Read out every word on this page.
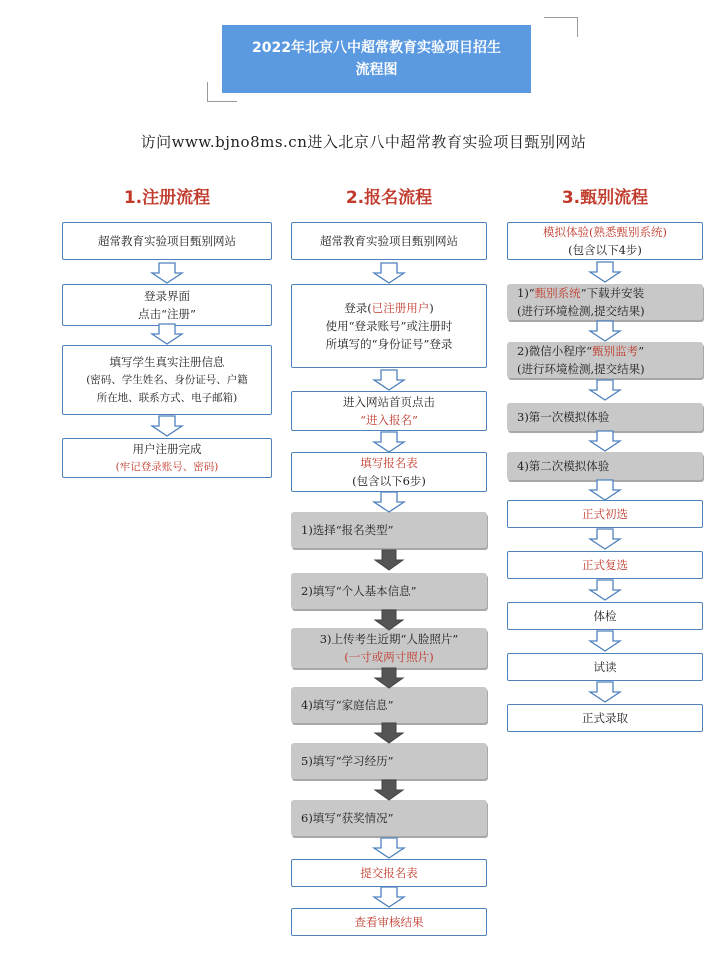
2022年北京八中超常教育实验项目招生
流程图
访问www.bjno8ms.cn进入北京八中超常教育实验项目甄别网站
1.注册流程
超常教育实验项目甄别网站
登录界面
点击“注册”
填写学生真实注册信息
(密码、学生姓名、身份证号、户籍
所在地、联系方式、电子邮箱)
用户注册完成
(牢记登录账号、密码)
2.报名流程
超常教育实验项目甄别网站
登录(已注册用户)
使用“登录账号”或注册时
所填写的“身份证号”登录
进入网站首页点击
“进入报名”
填写报名表
(包含以下6步)
1)选择“报名类型”
2)填写“个人基本信息”
3)上传考生近期“人脸照片”
(一寸或两寸照片)
4)填写“家庭信息”
5)填写“学习经历”
6)填写“获奖情况”
提交报名表
查看审核结果
3.甄别流程
模拟体验(熟悉甄别系统)
(包含以下4步)
1)“甄别系统”下载并安装
(进行环境检测,提交结果)
2)微信小程序“甄别监考”
(进行环境检测,提交结果)
3)第一次模拟体验
4)第二次模拟体验
正式初选
正式复选
体检
试读
正式录取
